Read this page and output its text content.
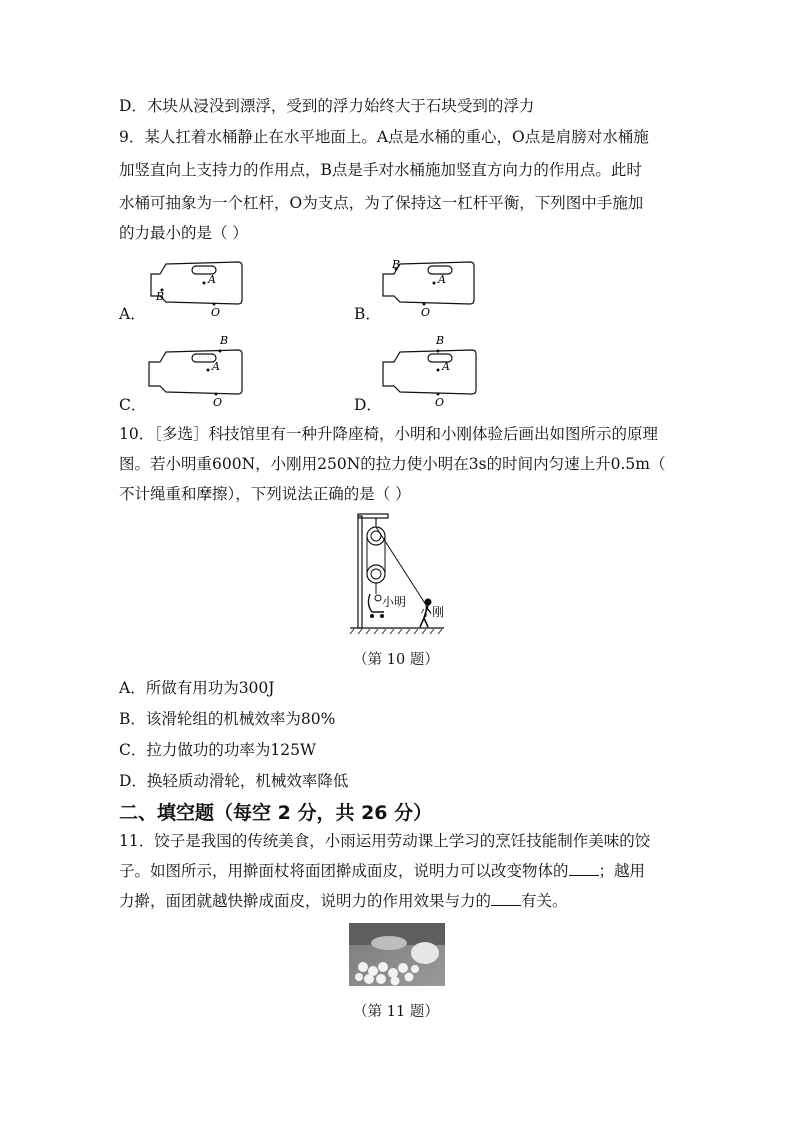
D．木块从浸没到漂浮，受到的浮力始终大于石块受到的浮力
9．某人扛着水桶静止在水平地面上。A点是水桶的重心，O点是肩膀对水桶施
加竖直向上支持力的作用点，B点是手对水桶施加竖直方向力的作用点。此时
水桶可抽象为一个杠杆，O为支点，为了保持这一杠杆平衡，下列图中手施加
的力最小的是（ ）
A．
A
B
O	B．
A
B
O
C．
A
B
O	D．
A
B
O
10．［多选］科技馆里有一种升降座椅，小明和小刚体验后画出如图所示的原理
图。若小明重600N，小刚用250N的拉力使小明在3s的时间内匀速上升0.5m（
不计绳重和摩擦），下列说法正确的是（ ）
小明
小刚
（第 10 题）
A．所做有用功为300J
B．该滑轮组的机械效率为80%
C．拉力做功的功率为125W
D．换轻质动滑轮，机械效率降低
二、填空题（每空 2 分，共 26 分）
11．饺子是我国的传统美食，小雨运用劳动课上学习的烹饪技能制作美味的饺
子。如图所示，用擀面杖将面团擀成面皮，说明力可以改变物体的 ；越用
力擀，面团就越快擀成面皮，说明力的作用效果与力的 有关。
（第 11 题）
